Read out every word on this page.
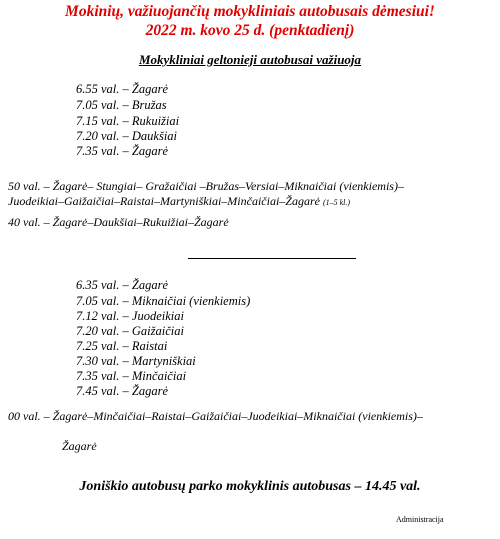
Mokinių, važiuojančių mokykliniais autobusais dėmesiui!
2022 m. kovo 25 d. (penktadienį)
Mokykliniai geltonieji autobusai važiuoja
6.55 val. – Žagarė
7.05 val. – Bružas
7.15 val. – Rukuižiai
7.20 val. – Daukšiai
7.35 val. – Žagarė
50 val. – Žagarė– Stungiai– Gražaičiai –Bružas–Versiai–Miknaičiai (vienkiemis)–
Juodeikiai–Gaižaičiai–Raistai–Martyniškiai–Minčaičiai–Žagarė (1–5 kl.)
40 val. – Žagarė–Daukšiai–Rukuižiai–Žagarė
6.35 val. – Žagarė
7.05 val. – Miknaičiai (vienkiemis)
7.12 val. – Juodeikiai
7.20 val. – Gaižaičiai
7.25 val. – Raistai
7.30 val. – Martyniškiai
7.35 val. – Minčaičiai
7.45 val. – Žagarė
00 val. – Žagarė–Minčaičiai–Raistai–Gaižaičiai–Juodeikiai–Miknaičiai (vienkiemis)–
Žagarė
Joniškio autobusų parko mokyklinis autobusas – 14.45 val.
Administracija
